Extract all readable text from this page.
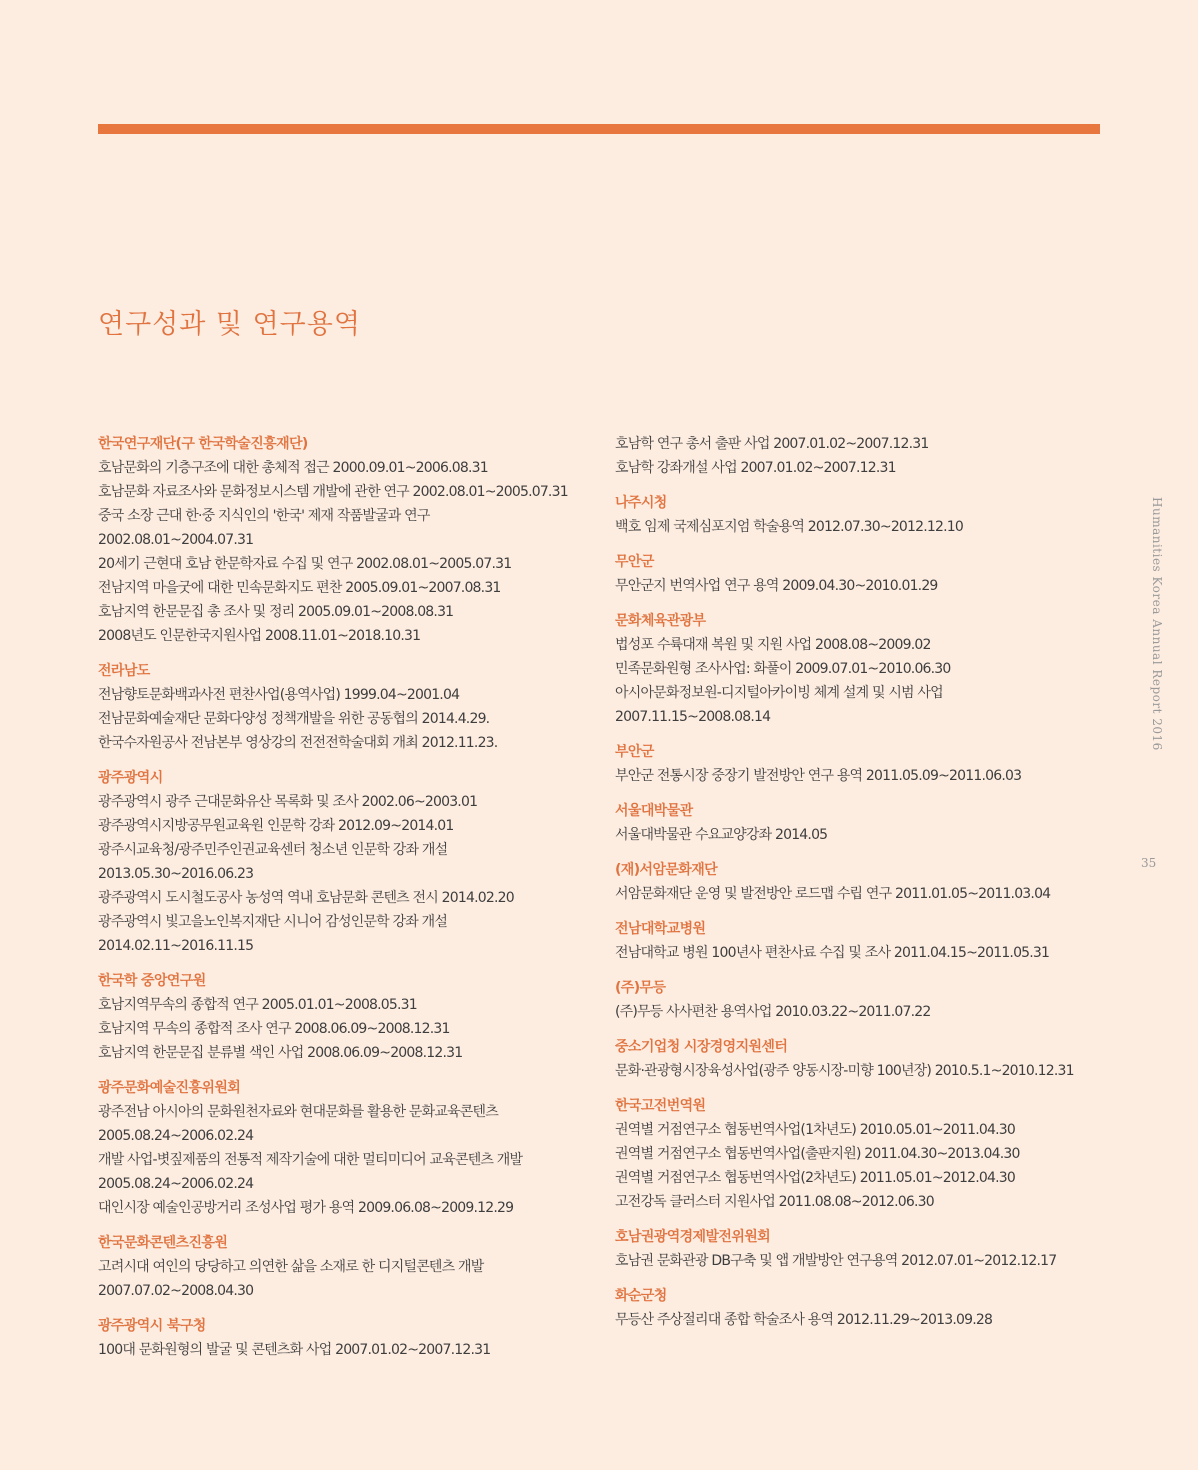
연구성과 및 연구용역
한국연구재단(구 한국학술진흥재단)
호남문화의 기층구조에 대한 총체적 접근 2000.09.01~2006.08.31
호남문화 자료조사와 문화정보시스템 개발에 관한 연구 2002.08.01~2005.07.31
중국 소장 근대 한·중 지식인의 '한국' 제재 작품발굴과 연구
2002.08.01~2004.07.31
20세기 근현대 호남 한문학자료 수집 및 연구 2002.08.01~2005.07.31
전남지역 마을굿에 대한 민속문화지도 편찬 2005.09.01~2007.08.31
호남지역 한문문집 총 조사 및 정리 2005.09.01~2008.08.31
2008년도 인문한국지원사업 2008.11.01~2018.10.31
전라남도
전남향토문화백과사전 편찬사업(용역사업) 1999.04~2001.04
전남문화예술재단 문화다양성 정책개발을 위한 공동협의 2014.4.29.
한국수자원공사 전남본부 영상강의 전전전학술대회 개최 2012.11.23.
광주광역시
광주광역시 광주 근대문화유산 목록화 및 조사 2002.06~2003.01
광주광역시지방공무원교육원 인문학 강좌 2012.09~2014.01
광주시교육청/광주민주인권교육센터 청소년 인문학 강좌 개설
2013.05.30~2016.06.23
광주광역시 도시철도공사 농성역 역내 호남문화 콘텐츠 전시 2014.02.20
광주광역시 빛고을노인복지재단 시니어 감성인문학 강좌 개설
2014.02.11~2016.11.15
한국학 중앙연구원
호남지역무속의 종합적 연구 2005.01.01~2008.05.31
호남지역 무속의 종합적 조사 연구 2008.06.09~2008.12.31
호남지역 한문문집 분류별 색인 사업 2008.06.09~2008.12.31
광주문화예술진흥위원회
광주전남 아시아의 문화원천자료와 현대문화를 활용한 문화교육콘텐츠
2005.08.24~2006.02.24
개발 사업-볏짚제품의 전통적 제작기술에 대한 멀티미디어 교육콘텐츠 개발
2005.08.24~2006.02.24
대인시장 예술인공방거리 조성사업 평가 용역 2009.06.08~2009.12.29
한국문화콘텐츠진흥원
고려시대 여인의 당당하고 의연한 삶을 소재로 한 디지털콘텐츠 개발
2007.07.02~2008.04.30
광주광역시 북구청
100대 문화원형의 발굴 및 콘텐츠화 사업 2007.01.02~2007.12.31
호남학 연구 총서 출판 사업 2007.01.02~2007.12.31
호남학 강좌개설 사업 2007.01.02~2007.12.31
나주시청
백호 임제 국제심포지엄 학술용역 2012.07.30~2012.12.10
무안군
무안군지 번역사업 연구 용역 2009.04.30~2010.01.29
문화체육관광부
법성포 수륙대재 복원 및 지원 사업 2008.08~2009.02
민족문화원형 조사사업: 화풀이 2009.07.01~2010.06.30
아시아문화정보원-디지털아카이빙 체계 설계 및 시범 사업
2007.11.15~2008.08.14
부안군
부안군 전통시장 중장기 발전방안 연구 용역 2011.05.09~2011.06.03
서울대박물관
서울대박물관 수요교양강좌 2014.05
(재)서암문화재단
서암문화재단 운영 및 발전방안 로드맵 수립 연구 2011.01.05~2011.03.04
전남대학교병원
전남대학교 병원 100년사 편찬사료 수집 및 조사 2011.04.15~2011.05.31
(주)무등
(주)무등 사사편찬 용역사업 2010.03.22~2011.07.22
중소기업청 시장경영지원센터
문화·관광형시장육성사업(광주 양동시장-미향 100년장) 2010.5.1~2010.12.31
한국고전번역원
권역별 거점연구소 협동번역사업(1차년도) 2010.05.01~2011.04.30
권역별 거점연구소 협동번역사업(출판지원) 2011.04.30~2013.04.30
권역별 거점연구소 협동번역사업(2차년도) 2011.05.01~2012.04.30
고전강독 클러스터 지원사업 2011.08.08~2012.06.30
호남권광역경제발전위원회
호남권 문화관광 DB구축 및 앱 개발방안 연구용역 2012.07.01~2012.12.17
화순군청
무등산 주상절리대 종합 학술조사 용역 2012.11.29~2013.09.28
Humanities Korea Annual Report 2016
35
